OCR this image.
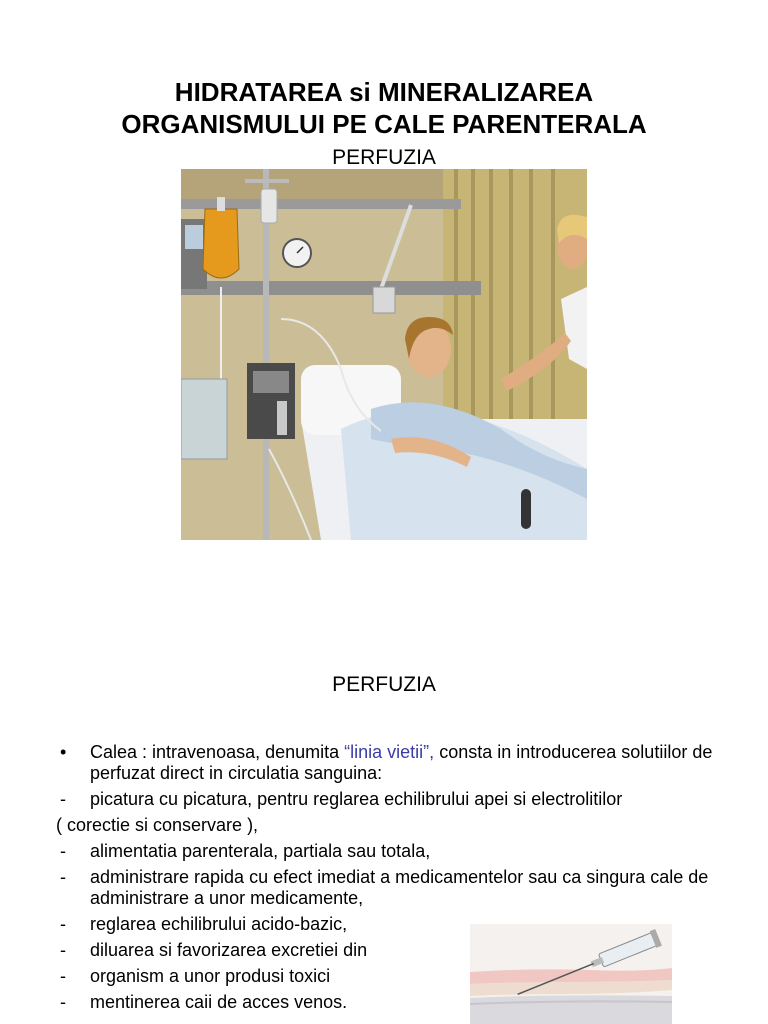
HIDRATAREA si MINERALIZAREA
ORGANISMULUI PE CALE PARENTERALA
PERFUZIA
PERFUZIA
• Calea : intravenoasa, denumita “linia vietii”, consta in introducerea solutiilor de perfuzat direct in circulatia sanguina:
- picatura cu picatura, pentru reglarea echilibrului apei si electrolitilor
( corectie si conservare ),
- alimentatia parenterala, partiala sau totala,
- administrare rapida cu efect imediat a medicamentelor sau ca singura cale de administrare a unor medicamente,
- reglarea echilibrului acido-bazic,
- diluarea si favorizarea excretiei din
- organism a unor produsi toxici
- mentinerea caii de acces venos.
